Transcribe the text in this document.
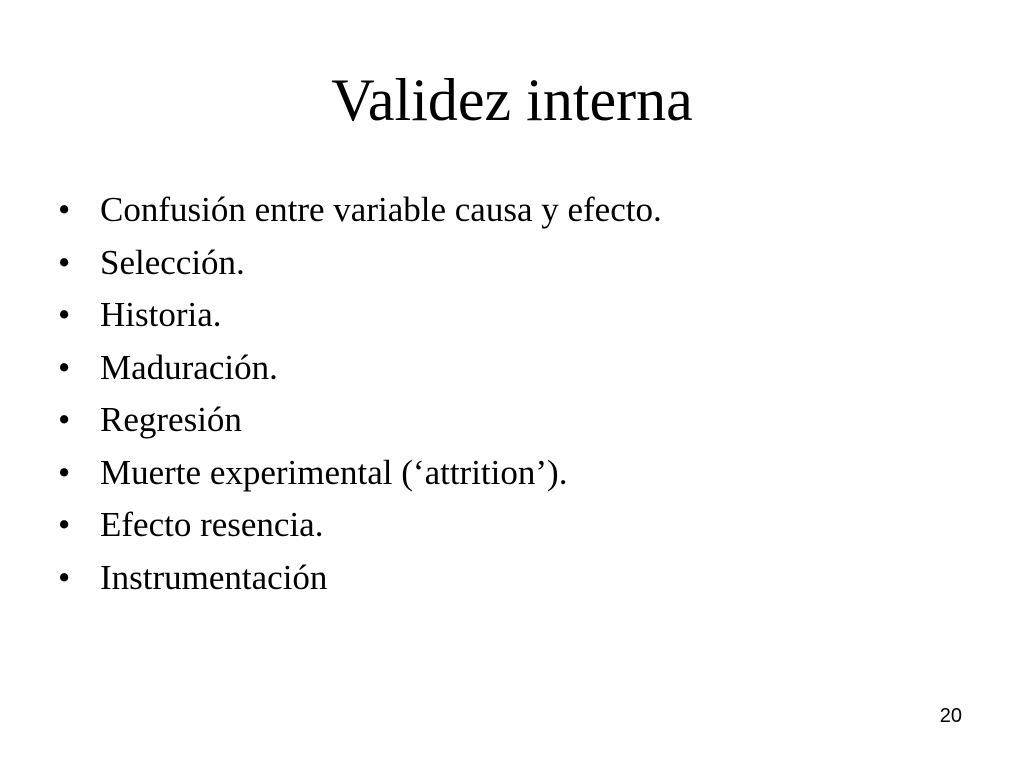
Validez interna
• Confusión entre variable causa y efecto.
• Selección.
• Historia.
• Maduración.
• Regresión
• Muerte experimental (‘attrition’).
• Efecto resencia.
• Instrumentación
20
